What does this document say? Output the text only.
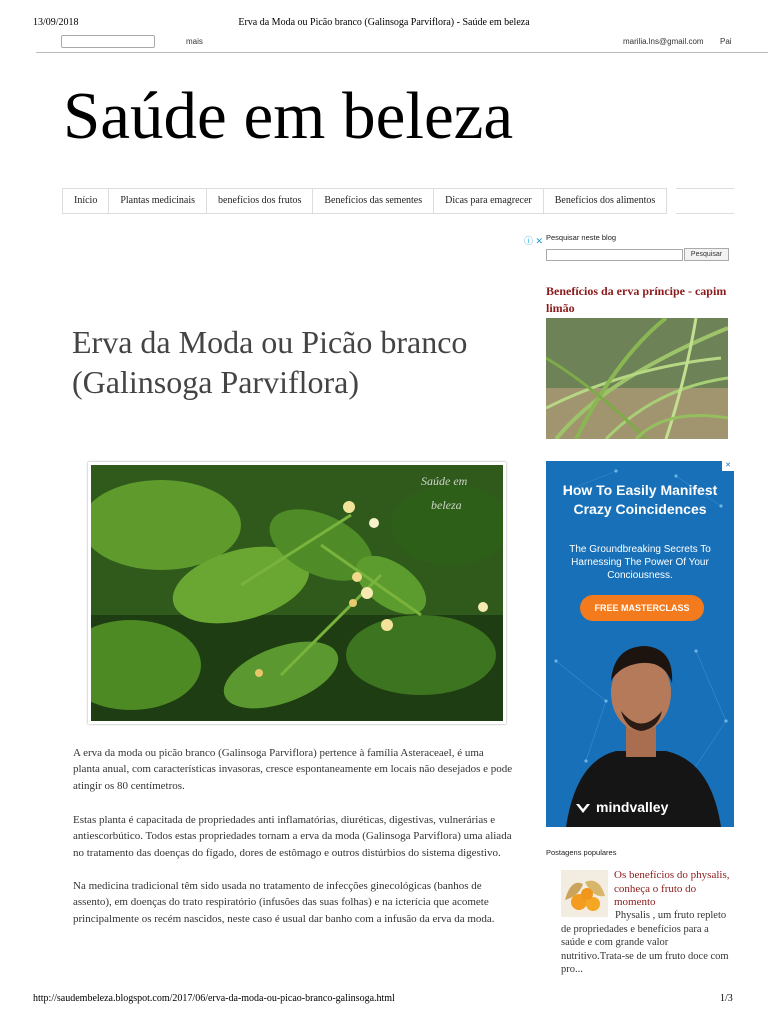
13/09/2018	Erva da Moda ou Picão branco (Galinsoga Parviflora) - Saúde em beleza
mais	marilia.lns@gmail.com Pai
Saúde em beleza
Início	Plantas medicinais	benefícios dos frutos	Benefícios das sementes	Dicas para emagrecer	Benefícios dos alimentos
Erva da Moda ou Picão branco (Galinsoga Parviflora)
Saúde em
beleza
A erva da moda ou picão branco (Galinsoga Parviflora) pertence à família Asteraceael, é uma planta anual, com características invasoras, cresce espontaneamente em locais não desejados e pode atingir os 80 centímetros.
Estas planta é capacitada de propriedades anti inflamatórias, diuréticas, digestivas, vulnerárias e antiescorbútico. Todos estas propriedades tornam a erva da moda (Galinsoga Parviflora) uma aliada no tratamento das doenças do fígado, dores de estômago e outros distúrbios do sistema digestivo.
Na medicina tradicional têm sido usada no tratamento de infecções ginecológicas (banhos de assento), em doenças do trato respiratório (infusões das suas folhas) e na icterícia que acomete principalmente os recém nascidos, neste caso é usual dar banho com a infusão da erva da moda.
ⓘ ✕ Pesquisar neste blog
Pesquisar
Benefícios da erva príncipe - capim limão
✕
How To Easily Manifest Crazy Coincidences
The Groundbreaking Secrets To Harnessing The Power Of Your Conciousness.
FREE MASTERCLASS
mindvalley
Postagens populares
Os benefícios do physalis, conheça o fruto do momento
Physalis , um fruto repleto de propriedades e benefícios para a saúde e com grande valor nutritivo.Trata-se de um fruto doce com pro...
http://saudembeleza.blogspot.com/2017/06/erva-da-moda-ou-picao-branco-galinsoga.html	1/3
